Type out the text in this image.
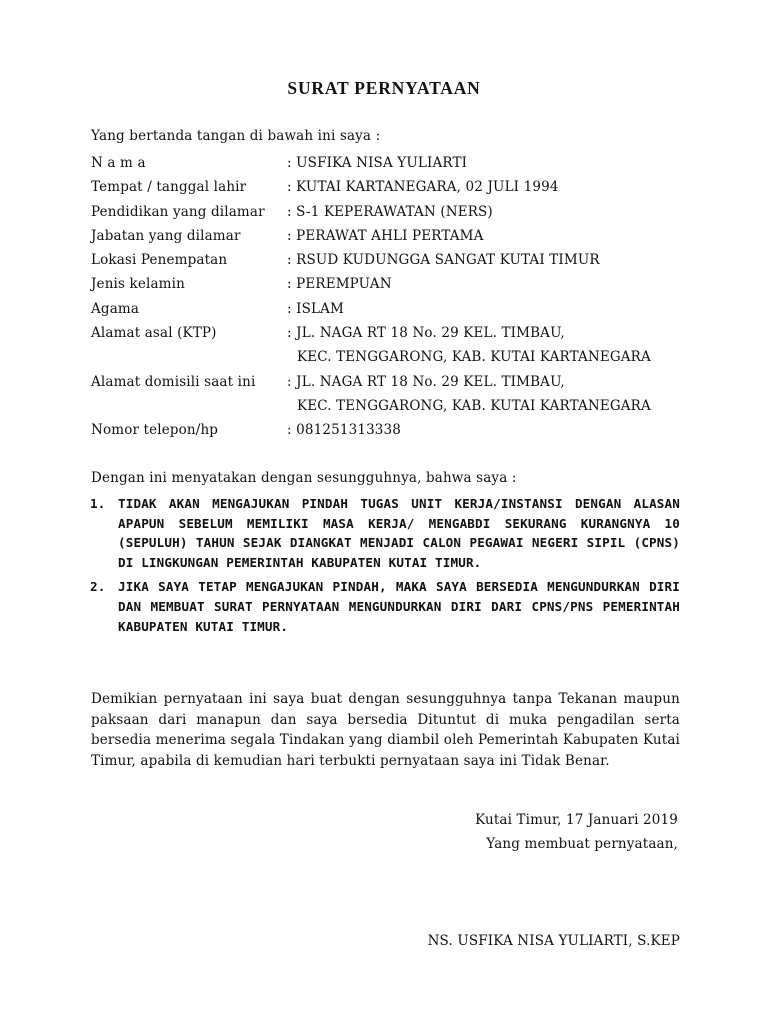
SURAT PERNYATAAN
Yang bertanda tangan di bawah ini saya :
Nama	: USFIKA NISA YULIARTI
Tempat / tanggal lahir	: KUTAI KARTANEGARA, 02 JULI 1994
Pendidikan yang dilamar : S-1 KEPERAWATAN (NERS)
Jabatan yang dilamar	: PERAWAT AHLI PERTAMA
Lokasi Penempatan	: RSUD KUDUNGGA SANGAT KUTAI TIMUR
Jenis kelamin	: PEREMPUAN
Agama	: ISLAM
Alamat asal (KTP)	: JL. NAGA RT 18 No. 29 KEL. TIMBAU,
KEC. TENGGARONG, KAB. KUTAI KARTANEGARA
Alamat domisili saat ini : JL. NAGA RT 18 No. 29 KEL. TIMBAU,
KEC. TENGGARONG, KAB. KUTAI KARTANEGARA
Nomor telepon/hp	: 081251313338
Dengan ini menyatakan dengan sesungguhnya, bahwa saya :
1. TIDAK AKAN MENGAJUKAN PINDAH TUGAS UNIT KERJA/INSTANSI DENGAN ALASAN APAPUN SEBELUM MEMILIKI MASA KERJA/ MENGABDI SEKURANG KURANGNYA 10 (SEPULUH) TAHUN SEJAK DIANGKAT MENJADI CALON PEGAWAI NEGERI SIPIL (CPNS) DI LINGKUNGAN PEMERINTAH KABUPATEN KUTAI TIMUR.
2. JIKA SAYA TETAP MENGAJUKAN PINDAH, MAKA SAYA BERSEDIA MENGUNDURKAN DIRI DAN MEMBUAT SURAT PERNYATAAN MENGUNDURKAN DIRI DARI CPNS/PNS PEMERINTAH KABUPATEN KUTAI TIMUR.
Demikian pernyataan ini saya buat dengan sesungguhnya tanpa Tekanan maupun paksaan dari manapun dan saya bersedia Dituntut di muka pengadilan serta bersedia menerima segala Tindakan yang diambil oleh Pemerintah Kabupaten Kutai Timur, apabila di kemudian hari terbukti pernyataan saya ini Tidak Benar.
Kutai Timur, 17 Januari 2019
Yang membuat pernyataan,
NS. USFIKA NISA YULIARTI, S.KEP
